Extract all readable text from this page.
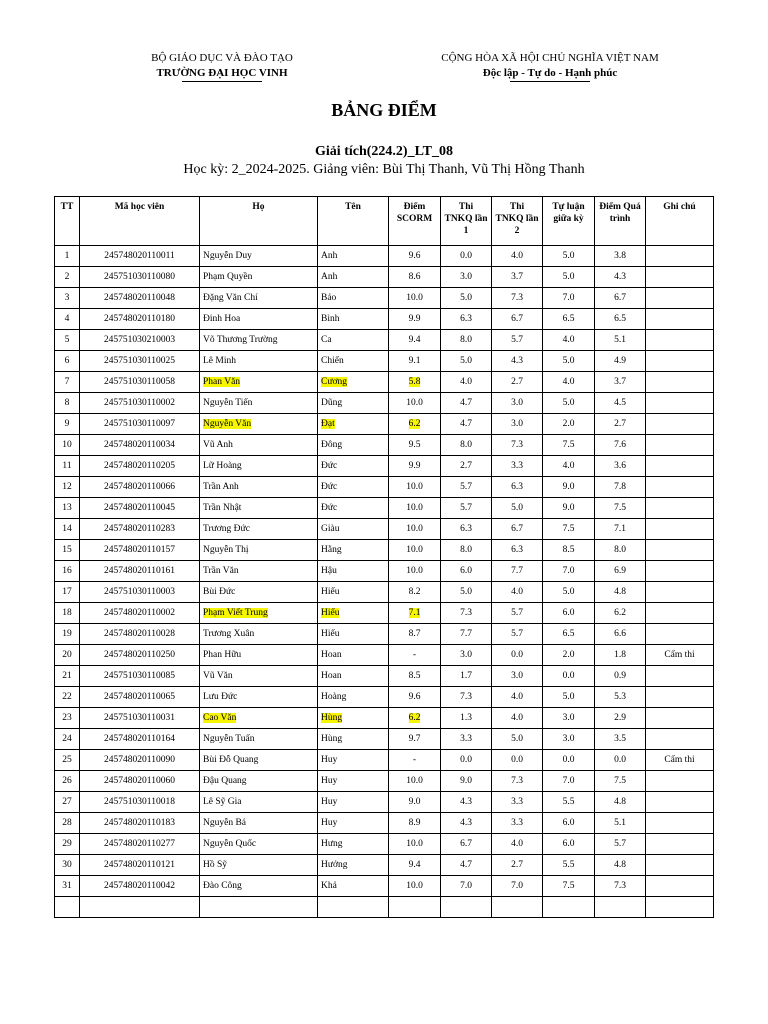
BỘ GIÁO DỤC VÀ ĐÀO TẠO
TRƯỜNG ĐẠI HỌC VINH
CỘNG HÒA XÃ HỘI CHỦ NGHĨA VIỆT NAM
Độc lập - Tự do - Hạnh phúc
BẢNG ĐIỂM
Giải tích(224.2)_LT_08
Học kỳ: 2_2024-2025. Giảng viên: Bùi Thị Thanh, Vũ Thị Hồng Thanh
TT	Mã học viên	Họ	Tên	Điểm SCORM	Thi TNKQ lần 1	Thi TNKQ lần 2	Tự luận giữa kỳ	Điểm Quá trình	Ghi chú
1	245748020110011	Nguyễn Duy	Anh	9.6	0.0	4.0	5.0	3.8	
2	245751030110080	Phạm Quyền	Anh	8.6	3.0	3.7	5.0	4.3	
3	245748020110048	Đặng Văn Chí	Bảo	10.0	5.0	7.3	7.0	6.7	
4	245748020110180	Đinh Hoa	Bình	9.9	6.3	6.7	6.5	6.5	
5	245751030210003	Võ Thương Trường	Ca	9.4	8.0	5.7	4.0	5.1	
6	245751030110025	Lê Minh	Chiến	9.1	5.0	4.3	5.0	4.9	
7	245751030110058	Phan Văn	Cương	5.8	4.0	2.7	4.0	3.7	
8	245751030110002	Nguyễn Tiến	Dũng	10.0	4.7	3.0	5.0	4.5	
9	245751030110097	Nguyễn Văn	Đạt	6.2	4.7	3.0	2.0	2.7	
10	245748020110034	Vũ Anh	Đông	9.5	8.0	7.3	7.5	7.6	
11	245748020110205	Lữ Hoàng	Đức	9.9	2.7	3.3	4.0	3.6	
12	245748020110066	Trần Anh	Đức	10.0	5.7	6.3	9.0	7.8	
13	245748020110045	Trần Nhật	Đức	10.0	5.7	5.0	9.0	7.5	
14	245748020110283	Trương Đức	Giàu	10.0	6.3	6.7	7.5	7.1	
15	245748020110157	Nguyễn Thị	Hằng	10.0	8.0	6.3	8.5	8.0	
16	245748020110161	Trần Văn	Hậu	10.0	6.0	7.7	7.0	6.9	
17	245751030110003	Bùi Đức	Hiếu	8.2	5.0	4.0	5.0	4.8	
18	245748020110002	Phạm Viết Trung	Hiếu	7.1	7.3	5.7	6.0	6.2	
19	245748020110028	Trương Xuân	Hiếu	8.7	7.7	5.7	6.5	6.6	
20	245748020110250	Phan Hữu	Hoan	-	3.0	0.0	2.0	1.8	Cấm thi
21	245751030110085	Vũ Văn	Hoan	8.5	1.7	3.0	0.0	0.9	
22	245748020110065	Lưu Đức	Hoàng	9.6	7.3	4.0	5.0	5.3	
23	245751030110031	Cao Văn	Hùng	6.2	1.3	4.0	3.0	2.9	
24	245748020110164	Nguyễn Tuấn	Hùng	9.7	3.3	5.0	3.0	3.5	
25	245748020110090	Bùi Đỗ Quang	Huy	-	0.0	0.0	0.0	0.0	Cấm thi
26	245748020110060	Đậu Quang	Huy	10.0	9.0	7.3	7.0	7.5	
27	245751030110018	Lê Sỹ Gia	Huy	9.0	4.3	3.3	5.5	4.8	
28	245748020110183	Nguyễn Bá	Huy	8.9	4.3	3.3	6.0	5.1	
29	245748020110277	Nguyễn Quốc	Hưng	10.0	6.7	4.0	6.0	5.7	
30	245748020110121	Hồ Sỹ	Hưởng	9.4	4.7	2.7	5.5	4.8	
31	245748020110042	Đào Công	Khả	10.0	7.0	7.0	7.5	7.3	
